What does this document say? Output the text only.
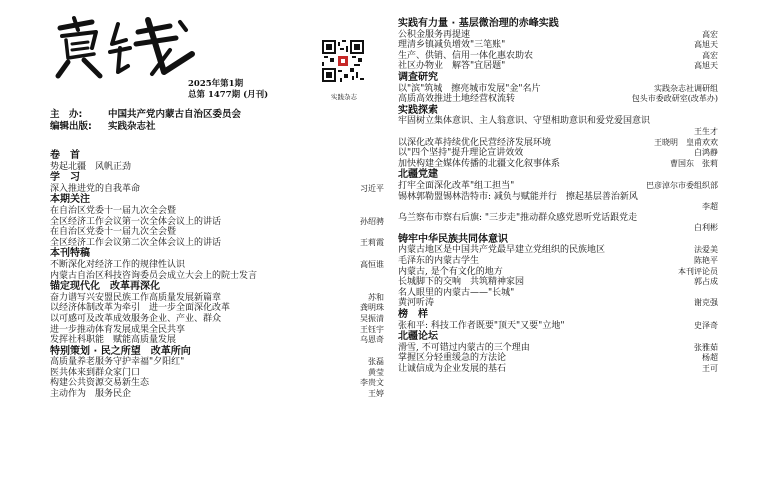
实践杂志
2025年第1期
总第 1477期 (月刊)
主　办:	中国共产党内蒙古自治区委员会
编辑出版: 实践杂志社
卷　首
势起北疆　风帆正劲
学　习
深入推进党的自我革命	习近平
本期关注
在自治区党委十一届九次全会暨
全区经济工作会议第一次全体会议上的讲话	孙绍骋
在自治区党委十一届九次全会暨
全区经济工作会议第二次全体会议上的讲话	王莉霞
本刊特稿
不断深化对经济工作的规律性认识	高恒谁
内蒙古自治区科技咨询委员会成立大会上的院士发言
锚定现代化　改革再深化
奋力谱写兴安盟民族工作高质量发展新篇章	苏和
以经济体制改革为牵引　进一步全面深化改革	龚明珠
以可感可及改革成效服务企业、产业、群众	吴振清
进一步推动体育发展成果全民共享	王钰宇
发挥社科职能　赋能高质量发展	乌恩奇
特别策划 · 民之所望　改革所向
高质量养老服务守护幸福"夕阳红"	张磊
医共体来到群众家门口	黄莹
构建公共资源交易新生态	李贵文
主动作为　服务民企	王婷
实践有力量 · 基层微治理的赤峰实践
公积金服务再提速	高宏
理清乡镇减负增效"三笔账"	高旭天
生产、供销、信用一体化惠农助农	高宏
社区办物业　解答"宜居题"	高旭天
调查研究
以"滨"筑城　擦亮城市发展"金"名片	实践杂志社调研组
高质高效推进土地经营权流转	包头市委政研室(改革办)
实践探索
牢固树立集体意识、主人翁意识、守望相助意识和爱党爱国意识
王生才
以深化改革持续优化民营经济发展环境	王晓明　皇甫欢欢
以"四个坚持"提升理论宣讲效效	白鸿静
加快构建全媒体传播的北疆文化叙事体系	曹国东　张莉
北疆党建
打牢全面深化改革"组工担当"	巴彦淖尔市委组织部
锡林郭勒盟锡林浩特市: 减负与赋能并行　擦起基层善治新风
李超
乌兰察布市察右后旗: "三步走"推动群众感党恩听党话跟党走
白利彬
铸牢中华民族共同体意识
内蒙古地区是中国共产党最早建立党组织的民族地区	法爱美
毛泽东的内蒙古学生	陈艳平
内蒙古, 是个有文化的地方	本刊评论员
长城脚下的交响　共筑精神家园	郭占成
名人眼里的内蒙古——"长城"
黄河听涛	谢克强
榜　样
张和平: 科技工作者既要"顶天"又要"立地"	史泽奇
北疆论坛
滑雪, 不可错过内蒙古的三个理由	张雅茹
掌握区分轻重缓急的方法论	杨超
让诚信成为企业发展的基石	王可
